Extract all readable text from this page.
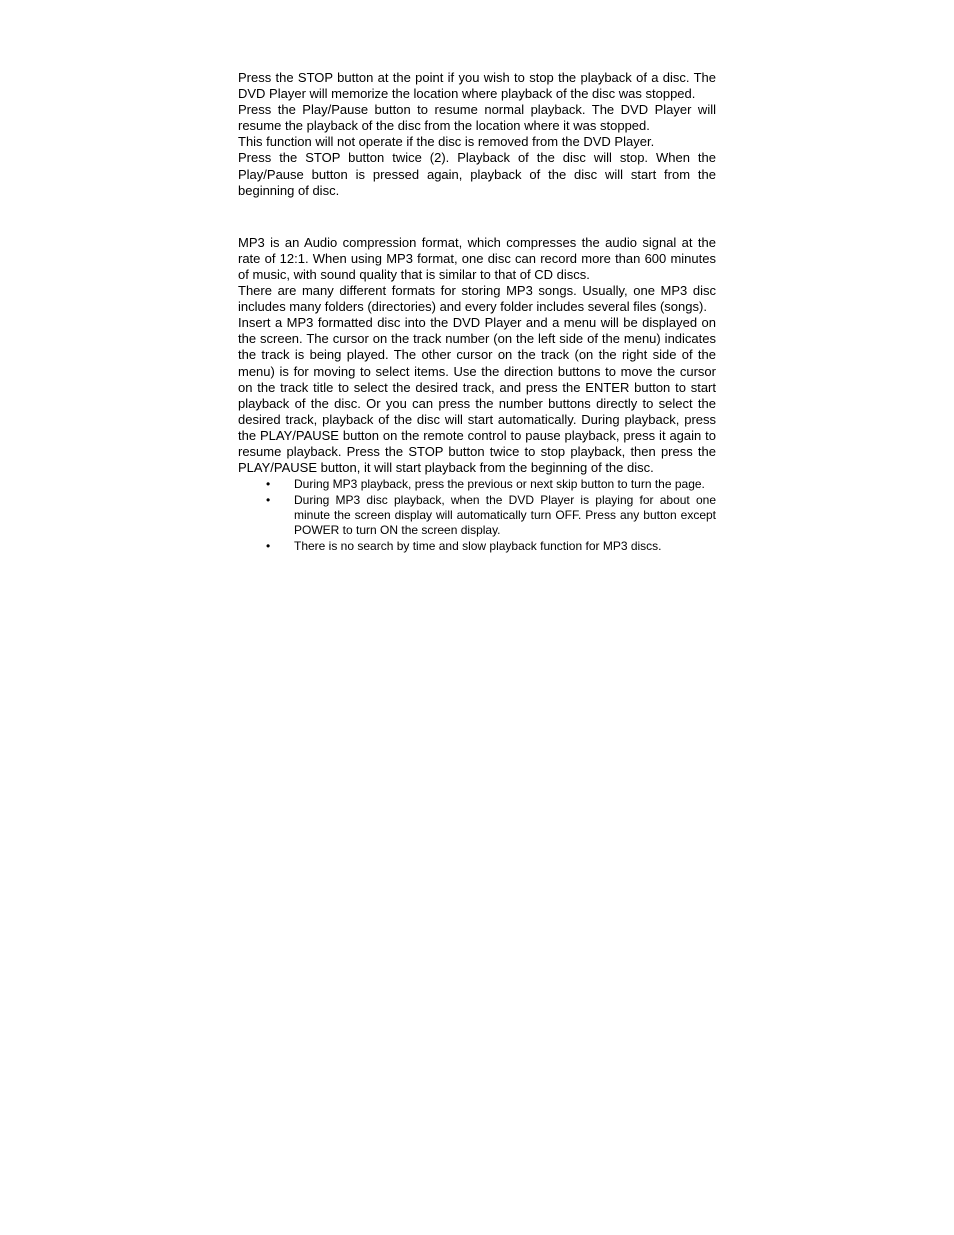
Press the STOP button at the point if you wish to stop the playback of a disc. The DVD Player will memorize the location where playback of the disc was stopped.

Press the Play/Pause button to resume normal playback. The DVD Player will resume the playback of the disc from the location where it was stopped.

This function will not operate if the disc is removed from the DVD Player.

Press the STOP button twice (2). Playback of the disc will stop. When the Play/Pause button is pressed again, playback of the disc will start from the beginning of disc.

MP3 is an Audio compression format, which compresses the audio signal at the rate of 12:1. When using MP3 format, one disc can record more than 600 minutes of music, with sound quality that is similar to that of CD discs.

There are many different formats for storing MP3 songs. Usually, one MP3 disc includes many folders (directories) and every folder includes several files (songs).

Insert a MP3 formatted disc into the DVD Player and a menu will be displayed on the screen. The cursor on the track number (on the left side of the menu) indicates the track is being played. The other cursor on the track (on the right side of the menu) is for moving to select items. Use the direction buttons to move the cursor on the track title to select the desired track, and press the ENTER button to start playback of the disc. Or you can press the number buttons directly to select the desired track, playback of the disc will start automatically. During playback, press the PLAY/PAUSE button on the remote control to pause playback, press it again to resume playback. Press the STOP button twice to stop playback, then press the PLAY/PAUSE button, it will start playback from the beginning of the disc.

• During MP3 playback, press the previous or next skip button to turn the page.
• During MP3 disc playback, when the DVD Player is playing for about one minute the screen display will automatically turn OFF. Press any button except POWER to turn ON the screen display.
• There is no search by time and slow playback function for MP3 discs.
